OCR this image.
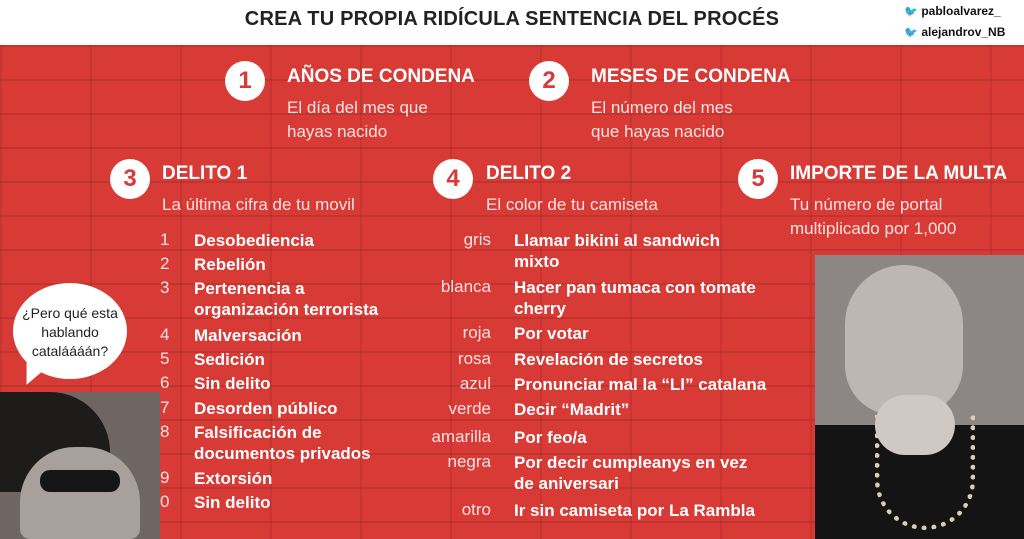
CREA TU PROPIA RIDÍCULA SENTENCIA DEL PROCÉS	🐦 pabloalvarez_
🐦 alejandrov_NB
1	AÑOS DE CONDENA
El día del mes que
hayas nacido
2	MESES DE CONDENA
El número del mes
que hayas nacido
3	DELITO 1
La última cifra de tu movil
4	DELITO 2
El color de tu camiseta
5	IMPORTE DE LA MULTA
Tu número de portal
multiplicado por 1,000
1 Desobediencia
2 Rebelión
3 Pertenencia a
organización terrorista
4 Malversación
5 Sedición
6 Sin delito
7 Desorden público
8 Falsificación de
documentos privados
9 Extorsión
0 Sin delito
gris Llamar bikini al sandwich
mixto
blanca Hacer pan tumaca con tomate
cherry
roja Por votar
rosa Revelación de secretos
azul Pronunciar mal la “Ll” catalana
verde Decir “Madrit”
amarilla Por feo/a
negra Por decir cumpleanys en vez
de aniversari
otro Ir sin camiseta por La Rambla
¿Pero qué esta
hablando
cataláááán?
